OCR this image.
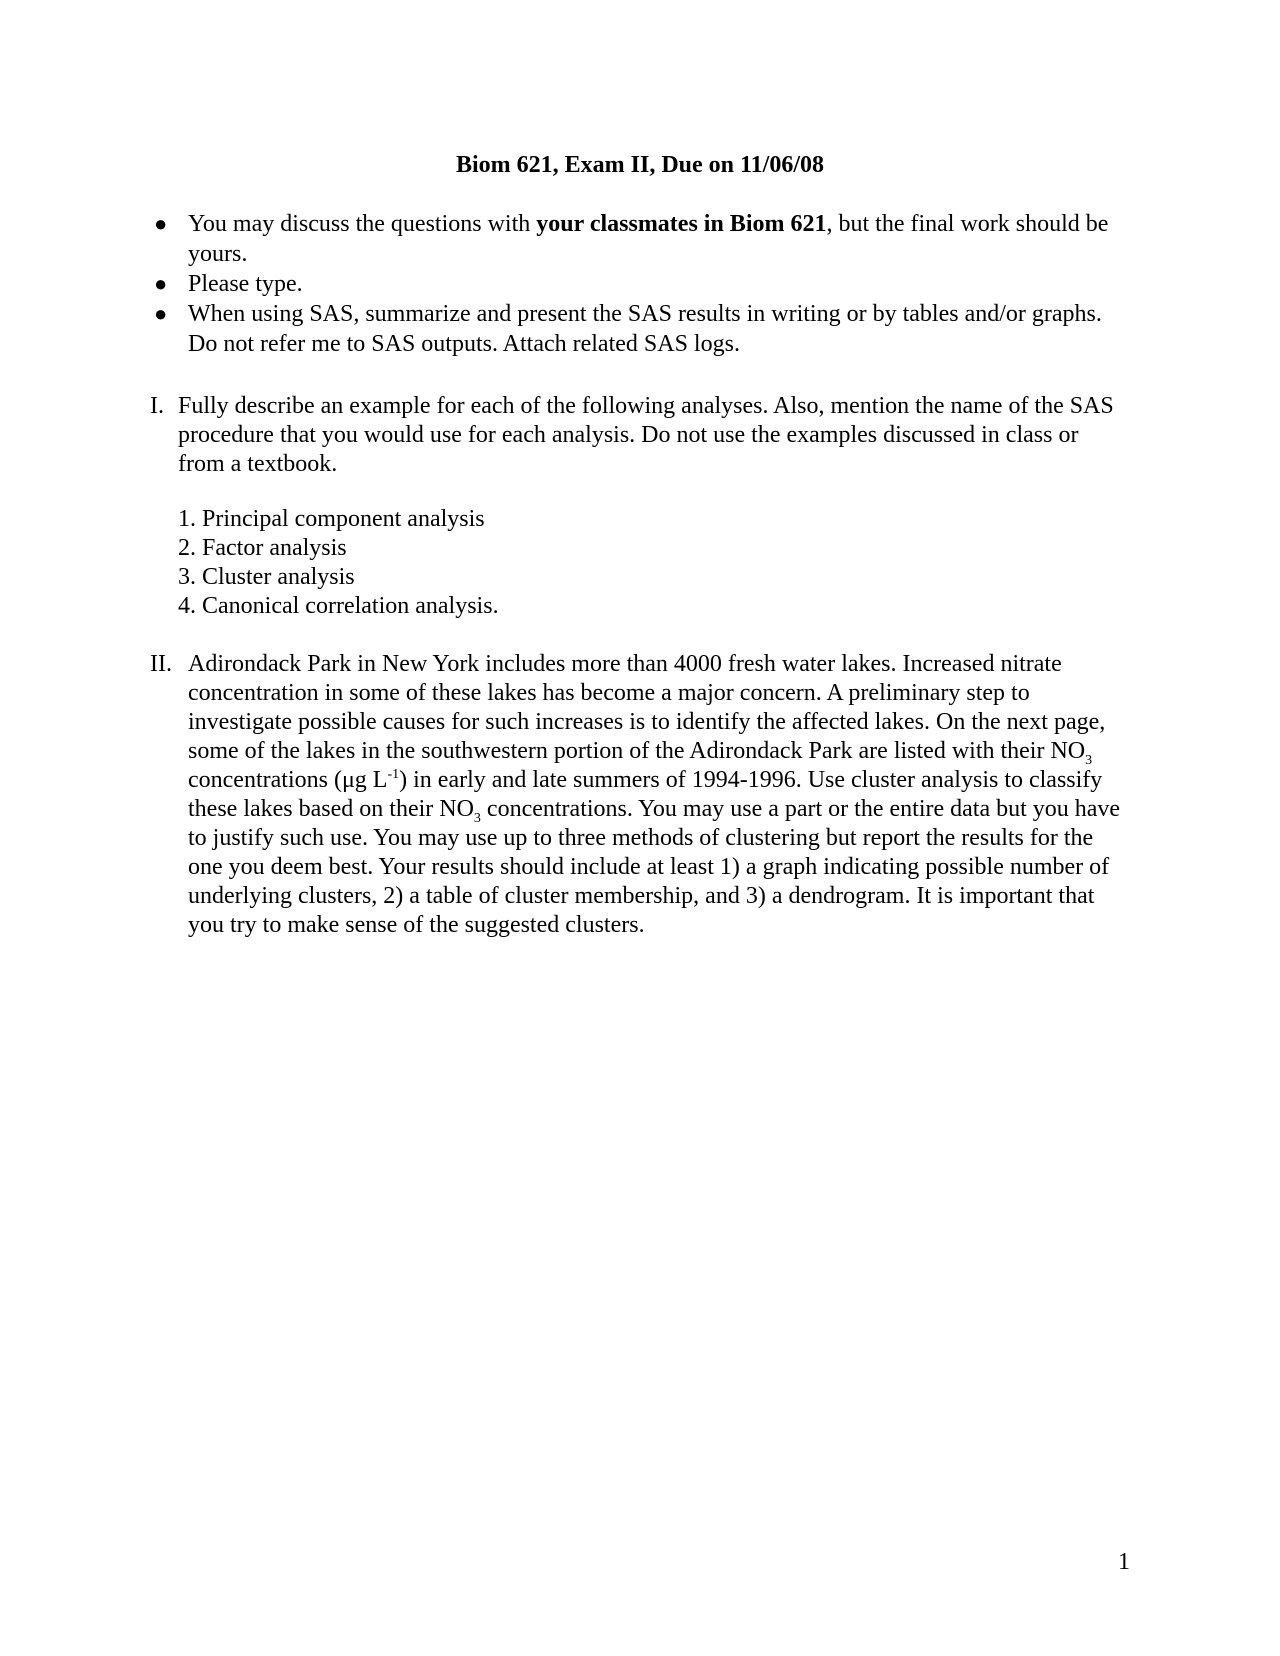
Biom 621, Exam II, Due on 11/06/08

● You may discuss the questions with your classmates in Biom 621, but the final work should be yours.

● Please type.

● When using SAS, summarize and present the SAS results in writing or by tables and/or graphs. Do not refer me to SAS outputs. Attach related SAS logs.

I. Fully describe an example for each of the following analyses. Also, mention the name of the SAS procedure that you would use for each analysis. Do not use the examples discussed in class or from a textbook.
1. Principal component analysis
2. Factor analysis
3. Cluster analysis
4. Canonical correlation analysis.
II. Adirondack Park in New York includes more than 4000 fresh water lakes. Increased nitrate concentration in some of these lakes has become a major concern. A preliminary step to investigate possible causes for such increases is to identify the affected lakes. On the next page, some of the lakes in the southwestern portion of the Adirondack Park are listed with their $NO_3$ concentrations (μg $L^{-1}$) in early and late summers of 1994-1996. Use cluster analysis to classify these lakes based on their $NO_3$ concentrations. You may use a part or the entire data but you have to justify such use. You may use up to three methods of clustering but report the results for the one you deem best. Your results should include at least 1) a graph indicating possible number of underlying clusters, 2) a table of cluster membership, and 3) a dendrogram. It is important that you try to make sense of the suggested clusters.
1
